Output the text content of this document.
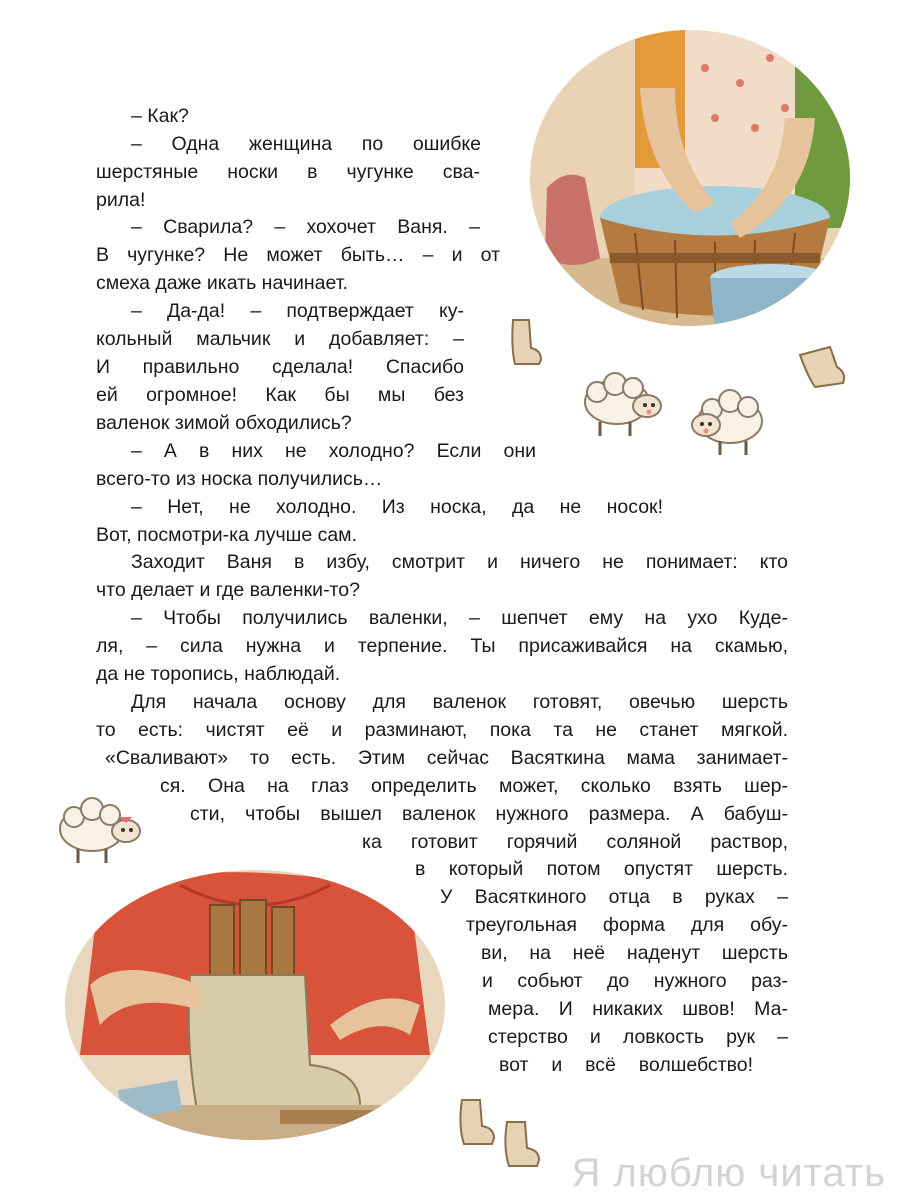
– Как?
– Одна женщина по ошибке
шерстяные носки в чугунке сва-
рила!
– Сварила? – хохочет Ваня. –
В чугунке? Не может быть… – и от
смеха даже икать начинает.
– Да-да! – подтверждает ку-
кольный мальчик и добавляет: –
И правильно сделала! Спасибо
ей огромное! Как бы мы без
валенок зимой обходились?
– А в них не холодно? Если они
всего-то из носка получились…
– Нет, не холодно. Из носка, да не носок!
Вот, посмотри-ка лучше сам.
Заходит Ваня в избу, смотрит и ничего не понимает: кто
что делает и где валенки-то?
– Чтобы получились валенки, – шепчет ему на ухо Куде-
ля, – сила нужна и терпение. Ты присаживайся на скамью,
да не торопись, наблюдай.
Для начала основу для валенок готовят, овечью шерсть
то есть: чистят её и разминают, пока та не станет мягкой.
«Сваливают» то есть. Этим сейчас Васяткина мама занимает-
ся. Она на глаз определить может, сколько взять шер-
сти, чтобы вышел валенок нужного размера. А бабуш-
ка готовит горячий соляной раствор,
в который потом опустят шерсть.
У Васяткиного отца в руках –
треугольная форма для обу-
ви, на неё наденут шерсть
и собьют до нужного раз-
мера. И никаких швов! Ма-
стерство и ловкость рук –
вот и всё волшебство!
Я люблю читать
